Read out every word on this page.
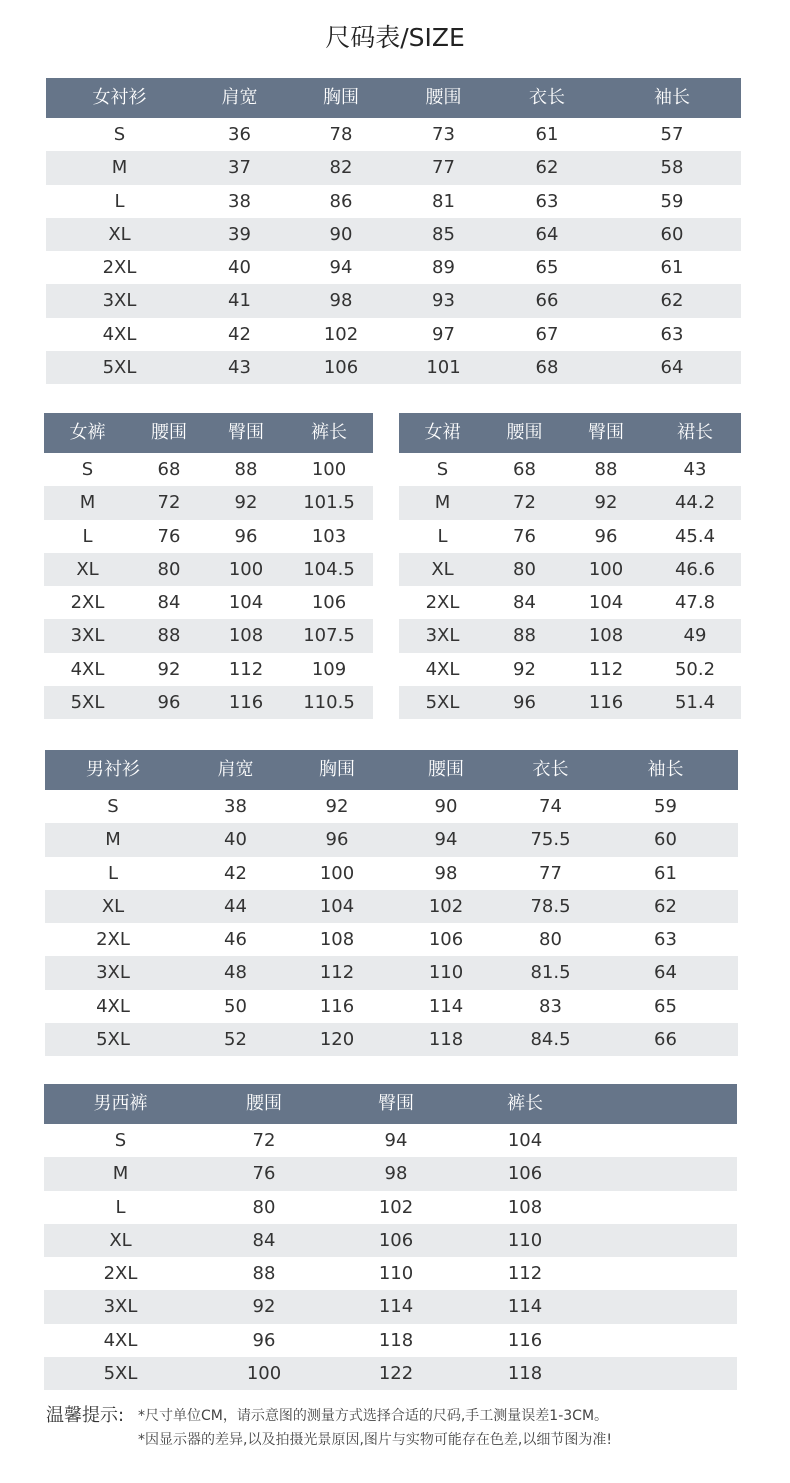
尺码表/SIZE
女衬衫	肩宽	胸围	腰围	衣长	袖长
S	36	78	73	61	57
M	37	82	77	62	58
L	38	86	81	63	59
XL	39	90	85	64	60
2XL	40	94	89	65	61
3XL	41	98	93	66	62
4XL	42	102	97	67	63
5XL	43	106	101	68	64
女裤	腰围	臀围	裤长
S	68	88	100
M	72	92	101.5
L	76	96	103
XL	80	100	104.5
2XL	84	104	106
3XL	88	108	107.5
4XL	92	112	109
5XL	96	116	110.5
女裙	腰围	臀围	裙长
S	68	88	43
M	72	92	44.2
L	76	96	45.4
XL	80	100	46.6
2XL	84	104	47.8
3XL	88	108	49
4XL	92	112	50.2
5XL	96	116	51.4
男衬衫	肩宽	胸围	腰围	衣长	袖长
S	38	92	90	74	59
M	40	96	94	75.5	60
L	42	100	98	77	61
XL	44	104	102	78.5	62
2XL	46	108	106	80	63
3XL	48	112	110	81.5	64
4XL	50	116	114	83	65
5XL	52	120	118	84.5	66
男西裤	腰围	臀围	裤长
S	72	94	104
M	76	98	106
L	80	102	108
XL	84	106	110
2XL	88	110	112
3XL	92	114	114
4XL	96	118	116
5XL	100	122	118
温馨提示: *尺寸单位CM，请示意图的测量方式选择合适的尺码,手工测量误差1-3CM。
*因显示器的差异,以及拍摄光景原因,图片与实物可能存在色差,以细节图为准!
